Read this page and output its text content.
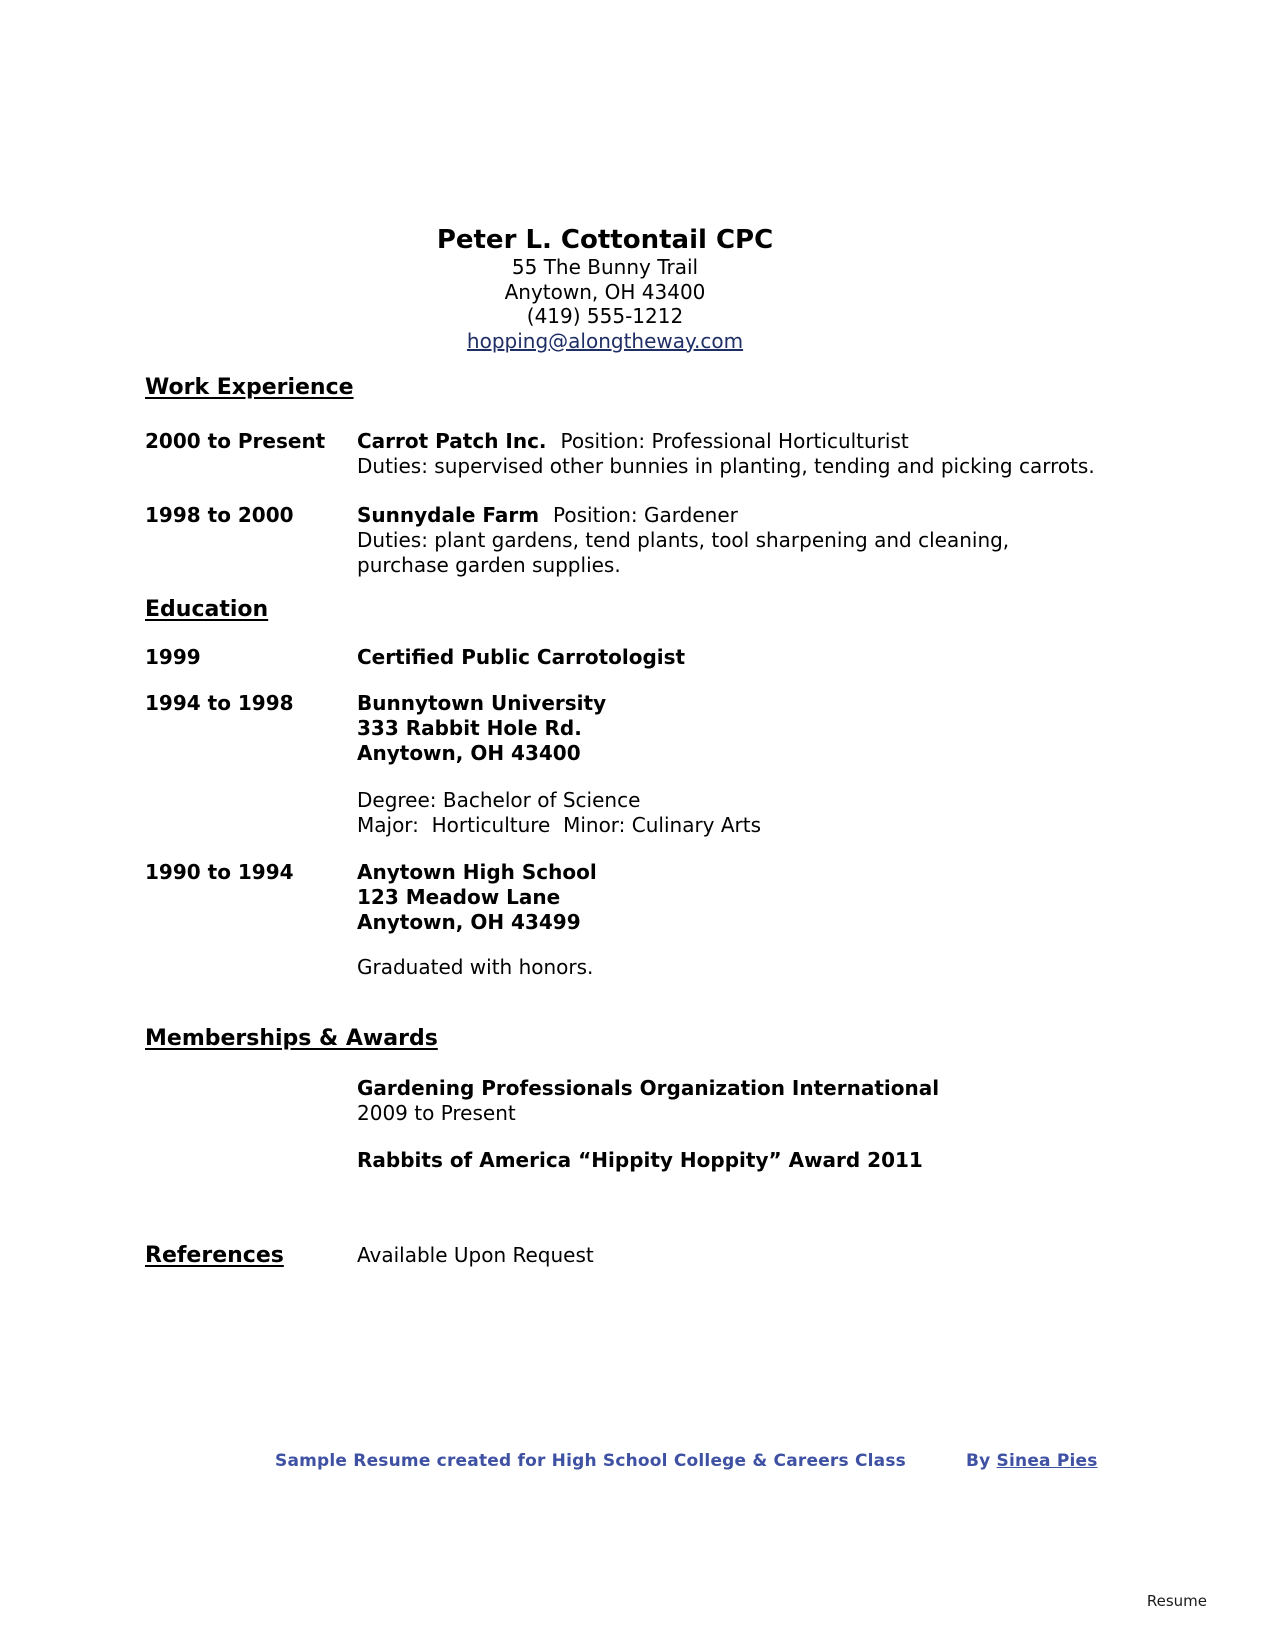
Peter L. Cottontail CPC
55 The Bunny Trail
Anytown, OH 43400
(419) 555-1212
hopping@alongtheway.com
Work Experience
2000 to Present	Carrot Patch Inc. Position: Professional Horticulturist
Duties: supervised other bunnies in planting, tending and picking carrots.
1998 to 2000	Sunnydale Farm Position: Gardener
Duties: plant gardens, tend plants, tool sharpening and cleaning,
purchase garden supplies.
Education
1999	Certified Public Carrotologist
1994 to 1998	Bunnytown University
333 Rabbit Hole Rd.
Anytown, OH 43400
Degree: Bachelor of Science
Major:  Horticulture  Minor: Culinary Arts
1990 to 1994	Anytown High School
123 Meadow Lane
Anytown, OH 43499
Graduated with honors.
Memberships & Awards
Gardening Professionals Organization International
2009 to Present
Rabbits of America “Hippity Hoppity” Award 2011
References	Available Upon Request
Sample Resume created for High School College & Careers Class	By Sinea Pies
Resume
